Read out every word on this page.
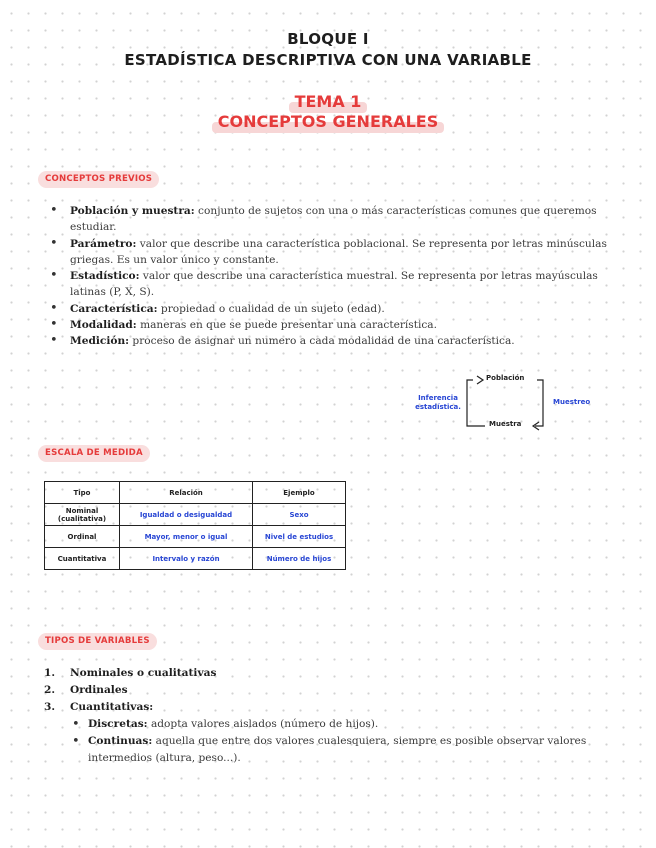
BLOQUE I
ESTADÍSTICA DESCRIPTIVA CON UNA VARIABLE
TEMA 1
CONCEPTOS GENERALES
CONCEPTOS PREVIOS
• Población y muestra: conjunto de sujetos con una o más características comunes que queremos estudiar.
• Parámetro: valor que describe una característica poblacional. Se representa por letras minúsculas griegas. Es un valor único y constante.
• Estadístico: valor que describe una característica muestral. Se representa por letras mayúsculas latinas (P, X, S).
• Característica: propiedad o cualidad de un sujeto (edad).
• Modalidad: maneras en que se puede presentar una característica.
• Medición: proceso de asignar un numero a cada modalidad de una característica.
Población
Muestra
Inferencia
estadística.
Muestreo
ESCALA DE MEDIDA
Tipo	Relación	Ejemplo

Nominal
(cualitativa)	Igualdad o desigualdad	Sexo
Ordinal	Mayor, menor o igual	Nivel de estudios
Cuantitativa	Intervalo y razón	Número de hijos
TIPOS DE VARIABLES
1. Nominales o cualitativas
2. Ordinales
3. Cuantitativas:
• Discretas: adopta valores aislados (número de hijos).
• Continuas: aquella que entre dos valores cualesquiera, siempre es posible observar valores intermedios (altura, peso...).
